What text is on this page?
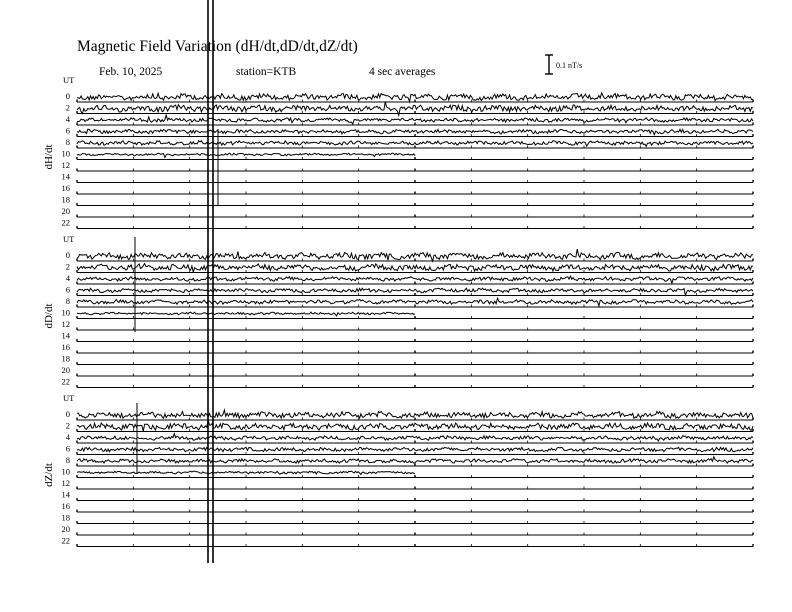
Magnetic Field Variation (dH/dt,dD/dt,dZ/dt)
Feb. 10, 2025	station=KTB	4 sec averages
0.1 nT/s
UT
UT
UT
dH/dt
dD/dt
dZ/dt
0
2
4
6
8
10
12
14
16
18
20
22
0
2
4
6
8
10
12
14
16
18
20
22
0
2
4
6
8
10
12
14
16
18
20
22
